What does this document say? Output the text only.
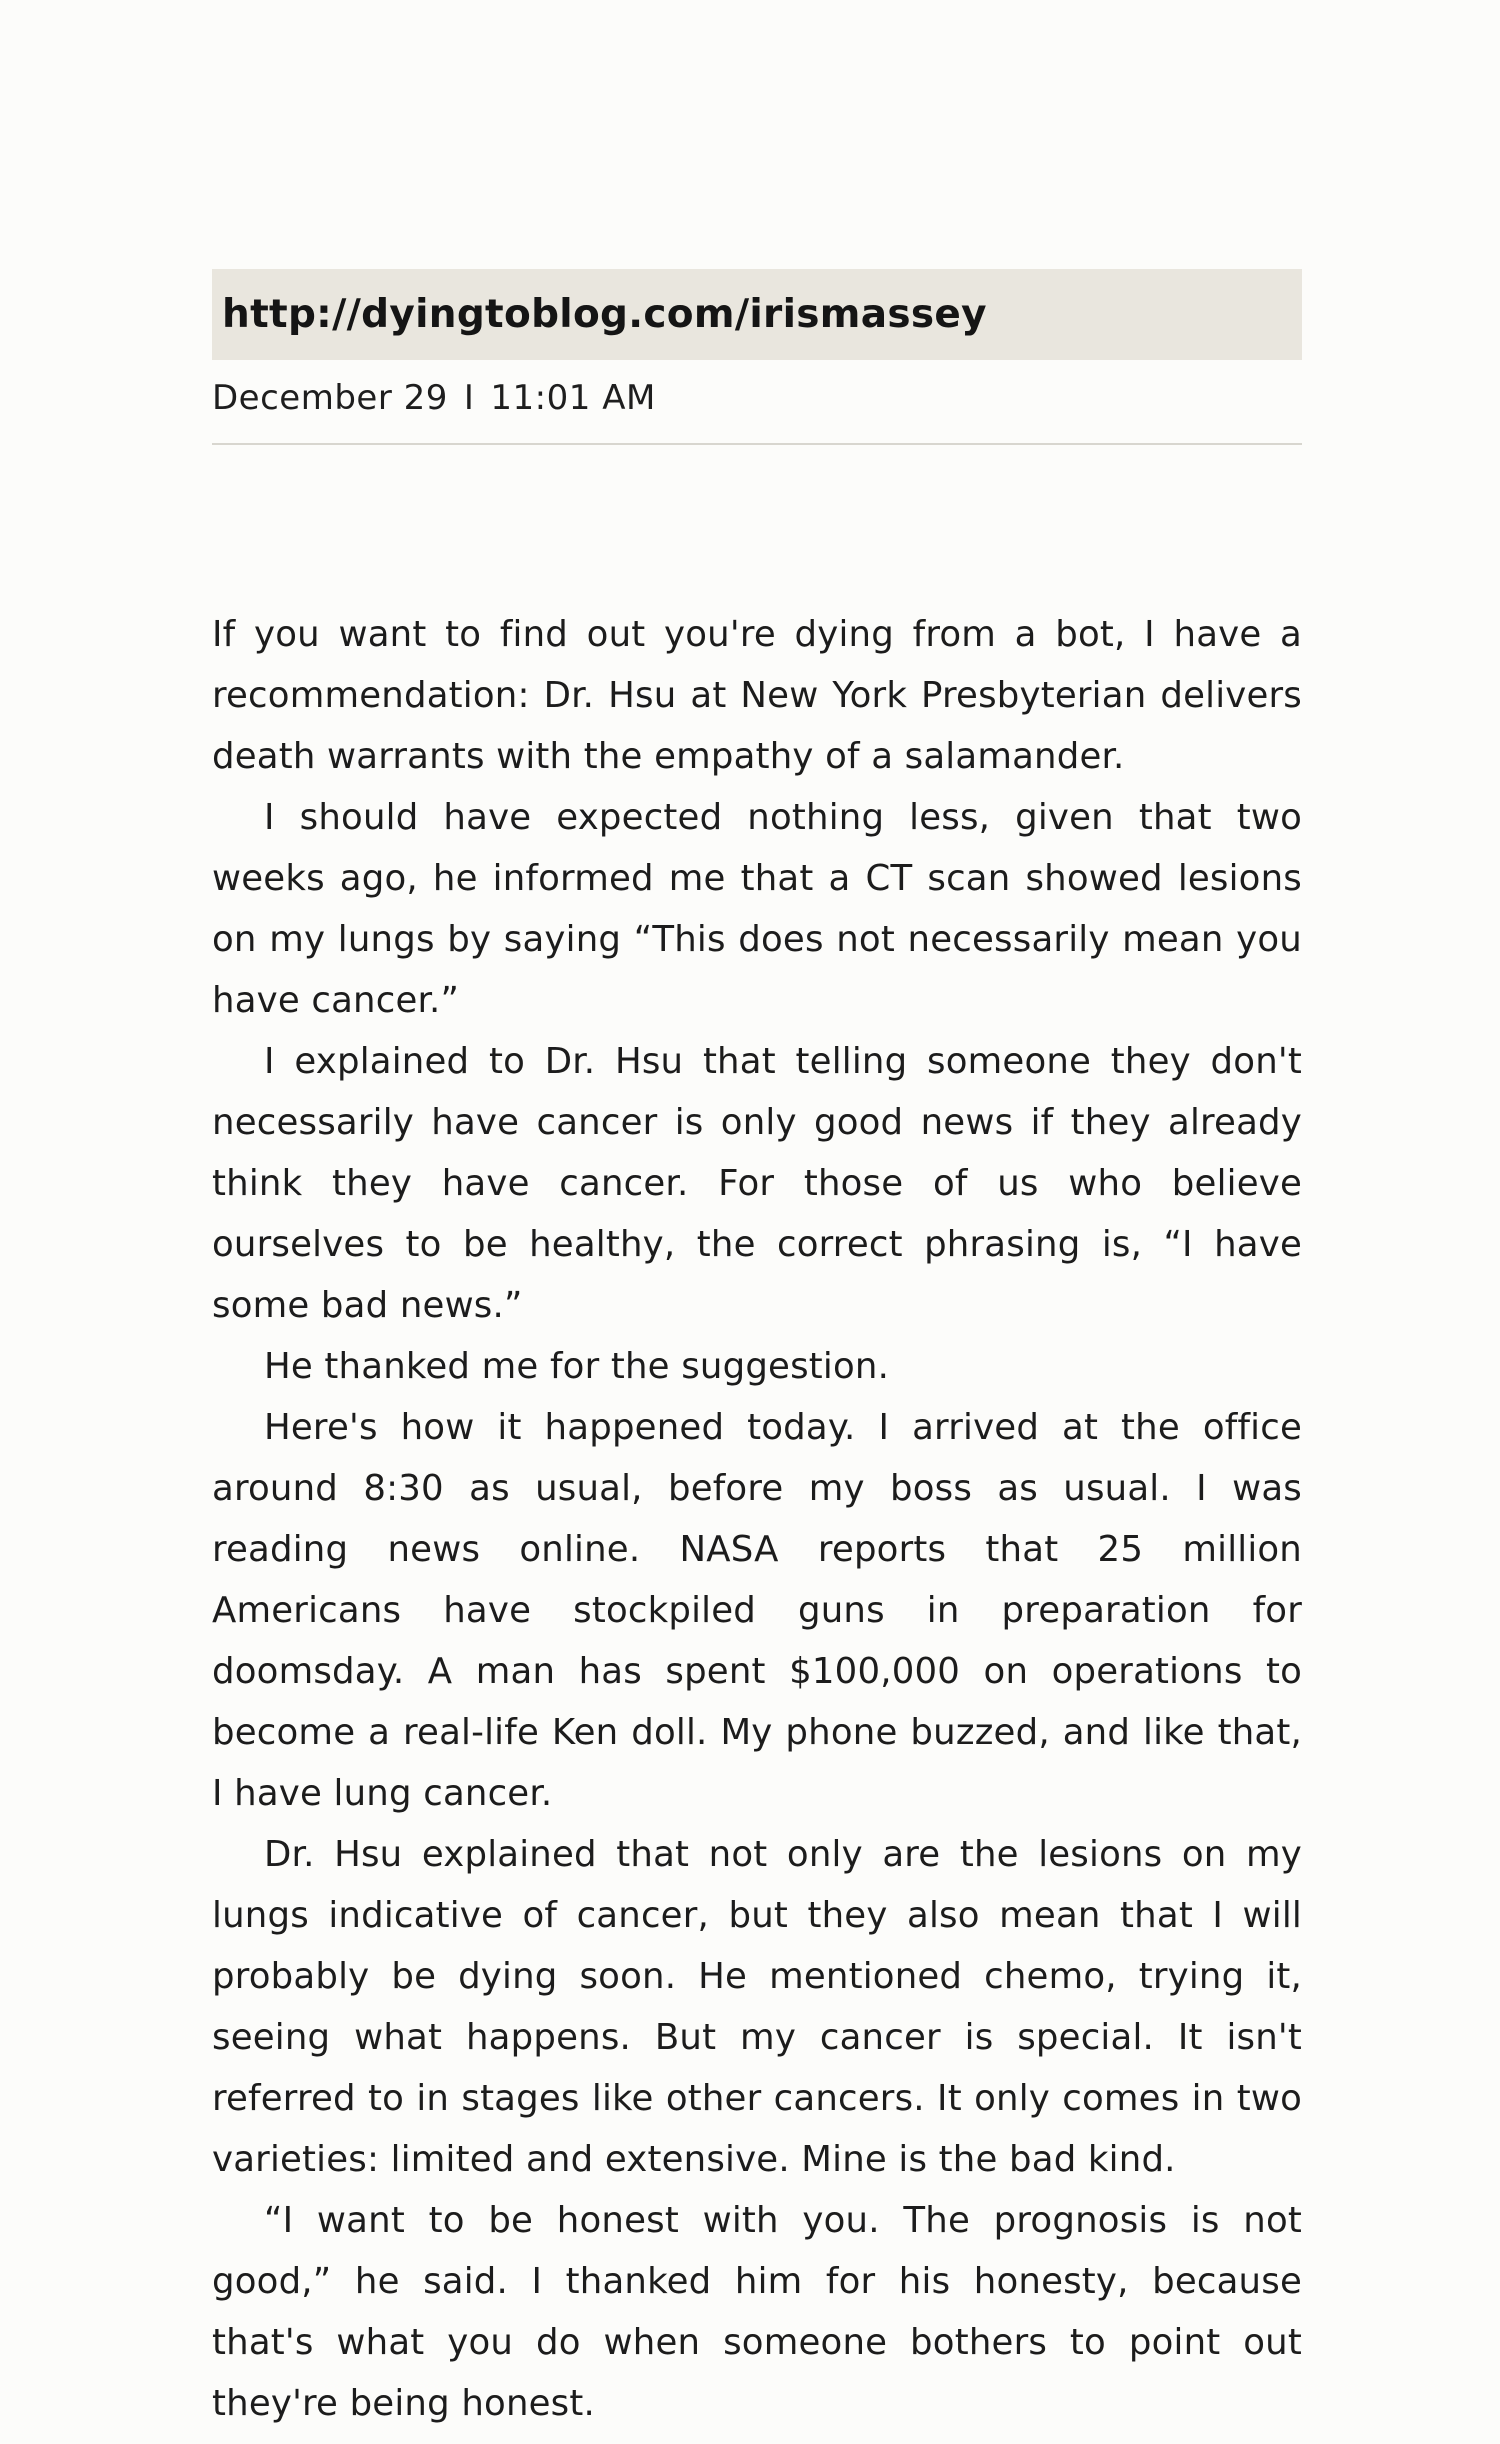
http://dyingtoblog.com/irismassey
December 29 I 11:01 AM

If you want to find out you're dying from a bot, I have a recommendation: Dr. Hsu at New York Presbyterian delivers death warrants with the empathy of a salamander.

I should have expected nothing less, given that two weeks ago, he informed me that a CT scan showed lesions on my lungs by saying “This does not necessarily mean you have cancer.”

I explained to Dr. Hsu that telling someone they don't necessarily have cancer is only good news if they already think they have cancer. For those of us who believe ourselves to be healthy, the correct phrasing is, “I have some bad news.”

He thanked me for the suggestion.

Here's how it happened today. I arrived at the office around 8:30 as usual, before my boss as usual. I was reading news online. NASA reports that 25 million Americans have stockpiled guns in preparation for doomsday. A man has spent $100,000 on operations to become a real-life Ken doll. My phone buzzed, and like that, I have lung cancer.

Dr. Hsu explained that not only are the lesions on my lungs indicative of cancer, but they also mean that I will probably be dying soon. He mentioned chemo, trying it, seeing what happens. But my cancer is special. It isn't referred to in stages like other cancers. It only comes in two varieties: limited and extensive. Mine is the bad kind.

“I want to be honest with you. The prognosis is not good,” he said. I thanked him for his honesty, because that's what you do when someone bothers to point out they're being honest.
